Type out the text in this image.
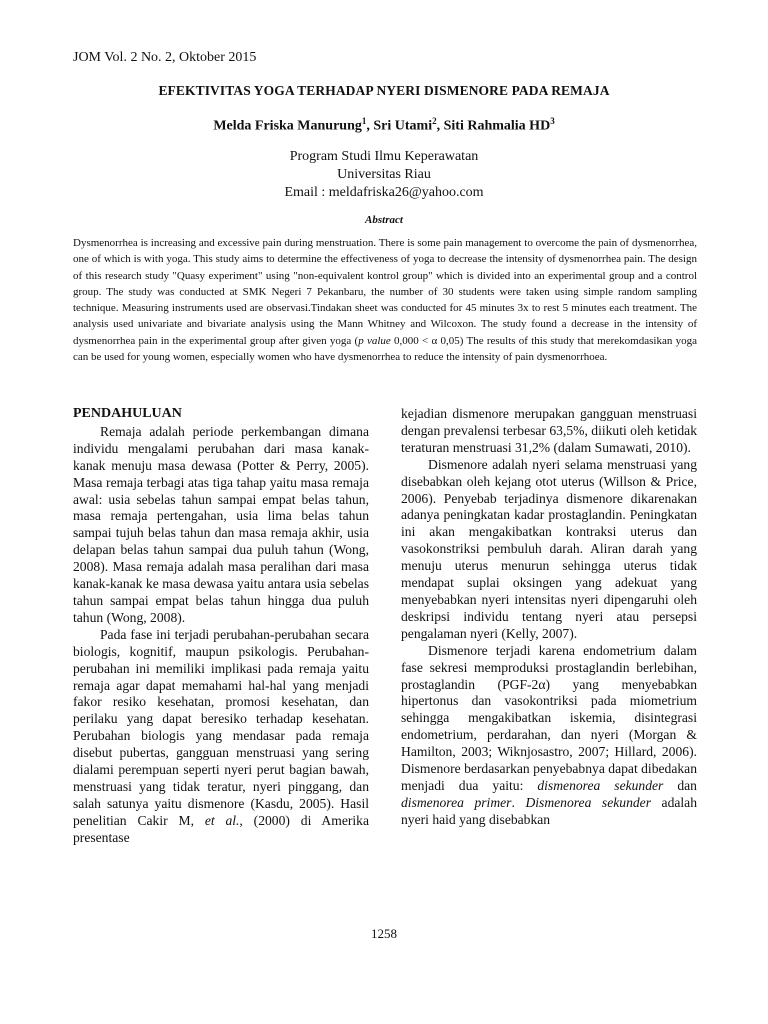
JOM Vol. 2 No. 2, Oktober 2015
EFEKTIVITAS YOGA TERHADAP NYERI DISMENORE PADA REMAJA
Melda Friska Manurung$^1$, Sri Utami$^2$, Siti Rahmalia $HD^3$
Program Studi Ilmu Keperawatan
Universitas Riau
Email : meldafriska26@yahoo.com
Abstract
Dysmenorrhea is increasing and excessive pain during menstruation. There is some pain management to overcome the pain of dysmenorrhea, one of which is with yoga. This study aims to determine the effectiveness of yoga to decrease the intensity of dysmenorrhea pain. The design of this research study "Quasy experiment" using "non-equivalent kontrol group" which is divided into an experimental group and a control group. The study was conducted at SMK Negeri 7 Pekanbaru, the number of 30 students were taken using simple random sampling technique. Measuring instruments used are observasi.Tindakan sheet was conducted for 45 minutes 3x to rest 5 minutes each treatment. The analysis used univariate and bivariate analysis using the Mann Whitney and Wilcoxon. The study found a decrease in the intensity of dysmenorrhea pain in the experimental group after given yoga (p value 0,000 < α 0,05) The results of this study that merekomdasikan yoga can be used for young women, especially women who have dysmenorrhea to reduce the intensity of pain dysmenorrhoea.

PENDAHULUAN

Remaja adalah periode perkembangan dimana individu mengalami perubahan dari masa kanak-kanak menuju masa dewasa (Potter & Perry, 2005). Masa remaja terbagi atas tiga tahap yaitu masa remaja awal: usia sebelas tahun sampai empat belas tahun, masa remaja pertengahan, usia lima belas tahun sampai tujuh belas tahun dan masa remaja akhir, usia delapan belas tahun sampai dua puluh tahun (Wong, 2008). Masa remaja adalah masa peralihan dari masa kanak-kanak ke masa dewasa yaitu antara usia sebelas tahun sampai empat belas tahun hingga dua puluh tahun (Wong, 2008).

Pada fase ini terjadi perubahan-perubahan secara biologis, kognitif, maupun psikologis. Perubahan-perubahan ini memiliki implikasi pada remaja yaitu remaja agar dapat memahami hal-hal yang menjadi fakor resiko kesehatan, promosi kesehatan, dan perilaku yang dapat beresiko terhadap kesehatan. Perubahan biologis yang mendasar pada remaja disebut pubertas, gangguan menstruasi yang sering dialami perempuan seperti nyeri perut bagian bawah, menstruasi yang tidak teratur, nyeri pinggang, dan salah satunya yaitu dismenore (Kasdu, 2005). Hasil penelitian Cakir M, et al., (2000) di Amerika presentase

kejadian dismenore merupakan gangguan menstruasi dengan prevalensi terbesar 63,5%, diikuti oleh ketidak teraturan menstruasi 31,2% (dalam Sumawati, 2010).

Dismenore adalah nyeri selama menstruasi yang disebabkan oleh kejang otot uterus (Willson & Price, 2006). Penyebab terjadinya dismenore dikarenakan adanya peningkatan kadar prostaglandin. Peningkatan ini akan mengakibatkan kontraksi uterus dan vasokonstriksi pembuluh darah. Aliran darah yang menuju uterus menurun sehingga uterus tidak mendapat suplai oksingen yang adekuat yang menyebabkan nyeri intensitas nyeri dipengaruhi oleh deskripsi individu tentang nyeri atau persepsi pengalaman nyeri (Kelly, 2007).

Dismenore terjadi karena endometrium dalam fase sekresi memproduksi prostaglandin berlebihan, prostaglandin (PGF-2α) yang menyebabkan hipertonus dan vasokontriksi pada miometrium sehingga mengakibatkan iskemia, disintegrasi endometrium, perdarahan, dan nyeri (Morgan & Hamilton, 2003; Wiknjosastro, 2007; Hillard, 2006). Dismenore berdasarkan penyebabnya dapat dibedakan menjadi dua yaitu: dismenorea sekunder dan dismenorea primer. Dismenorea sekunder adalah nyeri haid yang disebabkan

1258
